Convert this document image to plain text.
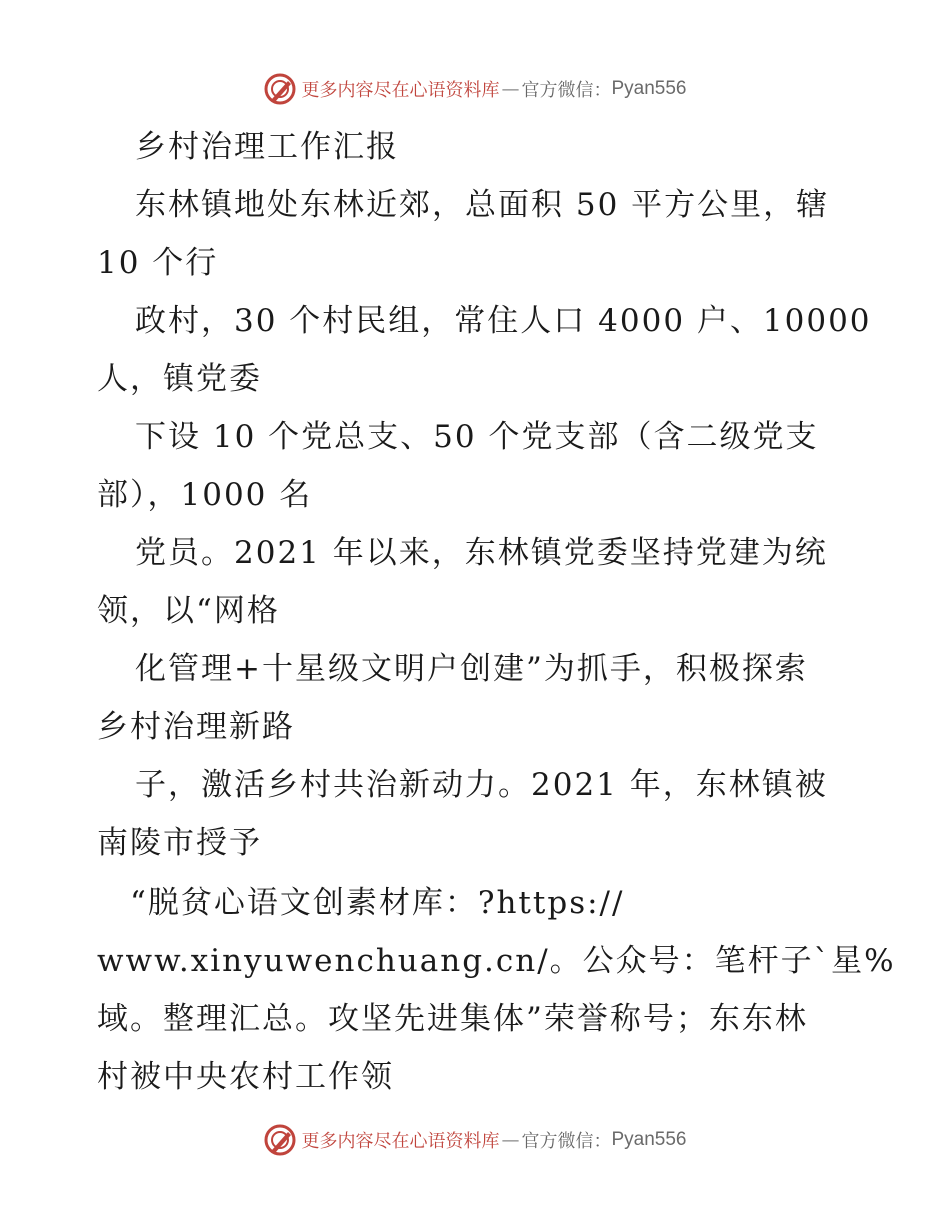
更多内容尽在心语资料库 — 官方微信： Pyan556
乡村治理工作汇报
东林镇地处东林近郊，总面积 50 平方公里，辖
10 个行
政村，30 个村民组，常住人口 4000 户、10000
人，镇党委
下设 10 个党总支、50 个党支部（含二级党支
部），1000 名
党员。2021 年以来，东林镇党委坚持党建为统
领，以“网格
化管理+十星级文明户创建”为抓手，积极探索
乡村治理新路
子，激活乡村共治新动力。2021 年，东林镇被
南陵市授予
“脱贫心语文创素材库：?https://
www.xinyuwenchuang.cn/。公众号：笔杆子`星%
域。整理汇总。攻坚先进集体”荣誉称号；东东林
村被中央农村工作领
更多内容尽在心语资料库 — 官方微信： Pyan556
